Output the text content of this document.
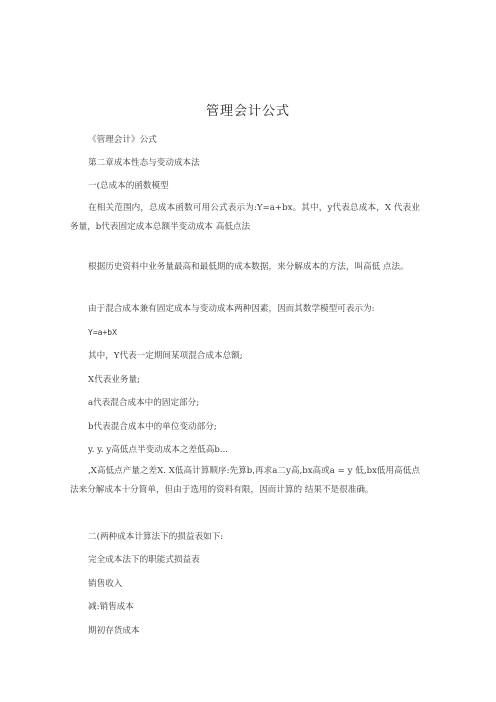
管理会计公式
《管理会计》公式
第二章成本性态与变动成本法
一(总成本的函数模型
在相关范围内，总成本函数可用公式表示为:Y=a+bx。其中，y代表总成本，X 代表业务量，b代表固定成本总额半变动成本 高低点法
根据历史资料中业务量最高和最低期的成本数据，来分解成本的方法，叫高低 点法。
由于混合成本兼有固定成本与变动成本两种因素，因而其数学模型可表示为:
Y=a+bX
其中，Y代表一定期间某项混合成本总额;
X代表业务量;
a代表混合成本中的固定部分;
b代表混合成本中的单位变动部分;
y. y. y高低点半变动成本之差低高b...
,X高低点产量之差X. X低高计算顺序:先算b,再求a二y高,bx高或a = y 低,bx低用高低点法来分解成本十分简单，但由于选用的资料有限，因而计算的 结果不是很准确。
二(两种成本计算法下的损益表如下:
完全成本法下的职能式损益表
销售收入
减:销售成本
期初存货成本
